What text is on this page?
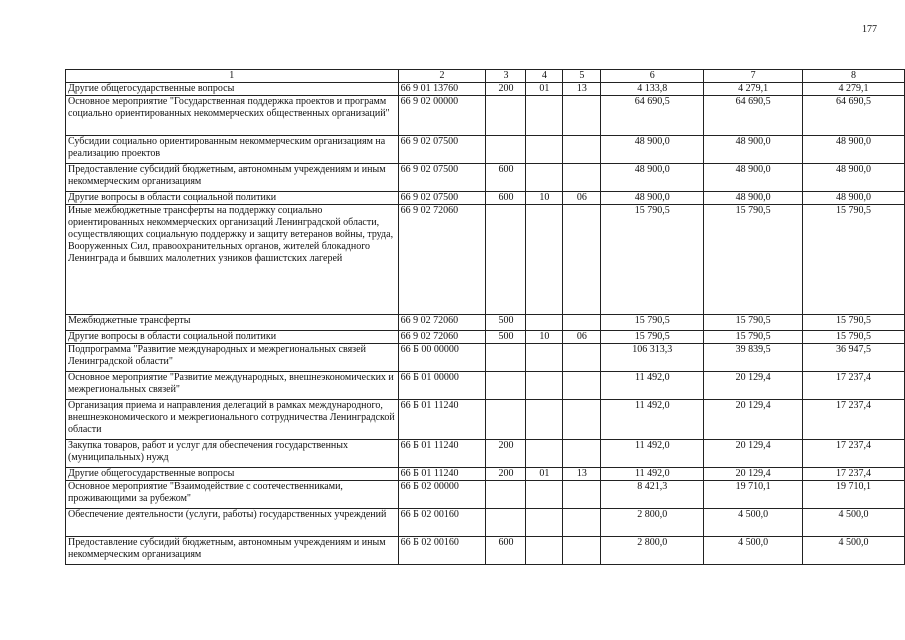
177
1	2	3	4	5	6	7	8
Другие общегосударственные вопросы	66 9 01 13760	200	01	13	4 133,8	4 279,1	4 279,1
Основное мероприятие "Государственная поддержка проектов и программ социально ориентированных некоммерческих общественных организаций"	66 9 02 00000				64 690,5	64 690,5	64 690,5
Субсидии социально ориентированным некоммерческим организациям на реализацию проектов	66 9 02 07500				48 900,0	48 900,0	48 900,0
Предоставление субсидий бюджетным, автономным учреждениям и иным некоммерческим организациям	66 9 02 07500	600			48 900,0	48 900,0	48 900,0
Другие вопросы в области социальной политики	66 9 02 07500	600	10	06	48 900,0	48 900,0	48 900,0
Иные межбюджетные трансферты на поддержку социально ориентированных некоммерческих организаций Ленинградской области, осуществляющих социальную поддержку и защиту ветеранов войны, труда, Вооруженных Сил, правоохранительных органов, жителей блокадного Ленинграда и бывших малолетних узников фашистских лагерей	66 9 02 72060				15 790,5	15 790,5	15 790,5
Межбюджетные трансферты	66 9 02 72060	500			15 790,5	15 790,5	15 790,5
Другие вопросы в области социальной политики	66 9 02 72060	500	10	06	15 790,5	15 790,5	15 790,5
Подпрограмма "Развитие международных и межрегиональных связей Ленинградской области"	66 Б 00 00000				106 313,3	39 839,5	36 947,5
Основное мероприятие "Развитие международных, внешнеэкономических и межрегиональных связей"	66 Б 01 00000				11 492,0	20 129,4	17 237,4
Организация приема и направления делегаций в рамках международного, внешнеэкономического и межрегионального сотрудничества Ленинградской области	66 Б 01 11240				11 492,0	20 129,4	17 237,4
Закупка товаров, работ и услуг для обеспечения государственных (муниципальных) нужд	66 Б 01 11240	200			11 492,0	20 129,4	17 237,4
Другие общегосударственные вопросы	66 Б 01 11240	200	01	13	11 492,0	20 129,4	17 237,4
Основное мероприятие "Взаимодействие с соотечественниками, проживающими за рубежом"	66 Б 02 00000				8 421,3	19 710,1	19 710,1
Обеспечение деятельности (услуги, работы) государственных учреждений	66 Б 02 00160				2 800,0	4 500,0	4 500,0
Предоставление субсидий бюджетным, автономным учреждениям и иным некоммерческим организациям	66 Б 02 00160	600			2 800,0	4 500,0	4 500,0
